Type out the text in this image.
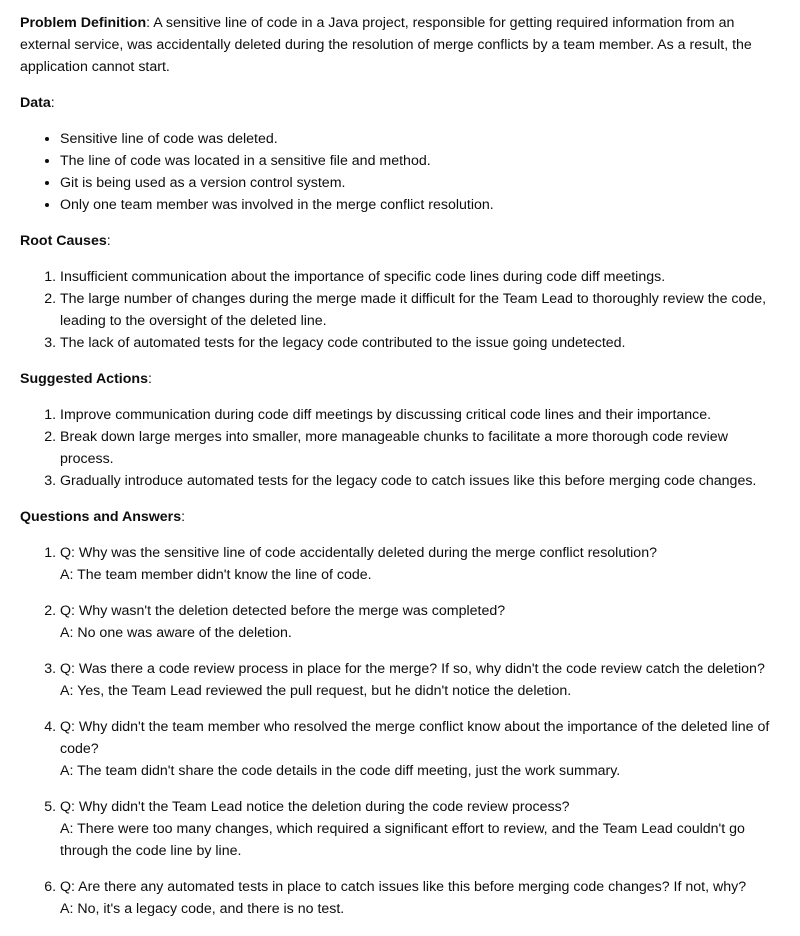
Problem Definition: A sensitive line of code in a Java project, responsible for getting required information from an external service, was accidentally deleted during the resolution of merge conflicts by a team member. As a result, the application cannot start.

Data:

• Sensitive line of code was deleted.
• The line of code was located in a sensitive file and method.
• Git is being used as a version control system.
• Only one team member was involved in the merge conflict resolution.

Root Causes:

1. Insufficient communication about the importance of specific code lines during code diff meetings.
2. The large number of changes during the merge made it difficult for the Team Lead to thoroughly review the code, leading to the oversight of the deleted line.
3. The lack of automated tests for the legacy code contributed to the issue going undetected.

Suggested Actions:

1. Improve communication during code diff meetings by discussing critical code lines and their importance.
2. Break down large merges into smaller, more manageable chunks to facilitate a more thorough code review process.
3. Gradually introduce automated tests for the legacy code to catch issues like this before merging code changes.

Questions and Answers:

1. Q: Why was the sensitive line of code accidentally deleted during the merge conflict resolution?
A: The team member didn't know the line of code.
2. Q: Why wasn't the deletion detected before the merge was completed?
A: No one was aware of the deletion.
3. Q: Was there a code review process in place for the merge? If so, why didn't the code review catch the deletion?
A: Yes, the Team Lead reviewed the pull request, but he didn't notice the deletion.
4. Q: Why didn't the team member who resolved the merge conflict know about the importance of the deleted line of code?
A: The team didn't share the code details in the code diff meeting, just the work summary.
5. Q: Why didn't the Team Lead notice the deletion during the code review process?
A: There were too many changes, which required a significant effort to review, and the Team Lead couldn't go through the code line by line.
6. Q: Are there any automated tests in place to catch issues like this before merging code changes? If not, why?
A: No, it's a legacy code, and there is no test.
